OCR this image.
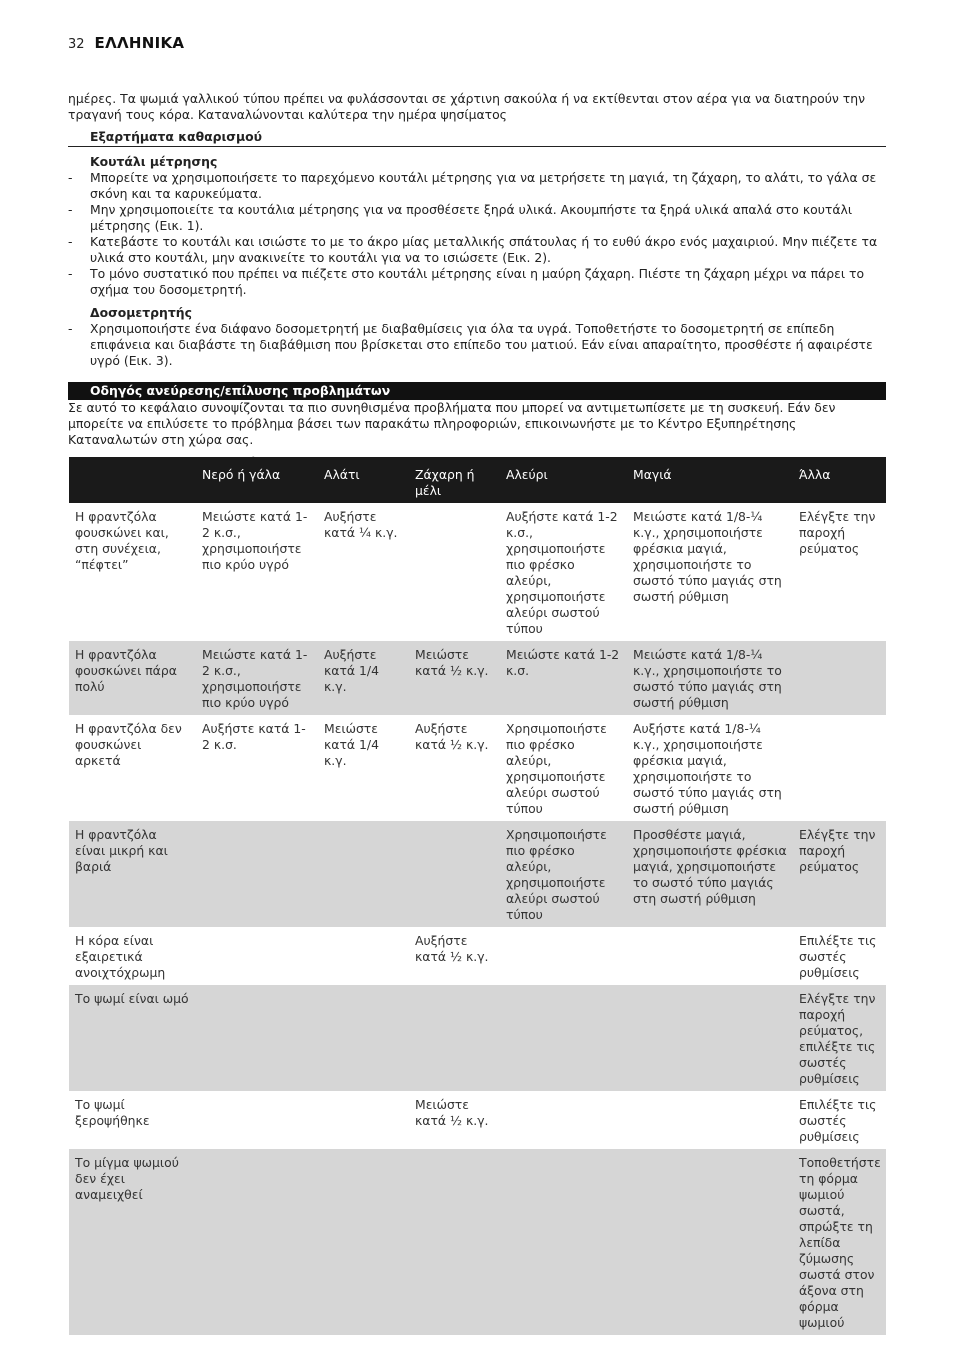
32 ΕΛΛΗΝΙΚΑ

ημέρες. Τα ψωμιά γαλλικού τύπου πρέπει να φυλάσσονται σε χάρτινη σακούλα ή να εκτίθενται στον αέρα για να διατηρούν την τραγανή τους κόρα. Καταναλώνονται καλύτερα την ημέρα ψησίματος

Εξαρτήματα καθαρισμού
Κουτάλι μέτρησης
- Μπορείτε να χρησιμοποιήσετε το παρεχόμενο κουτάλι μέτρησης για να μετρήσετε τη μαγιά, τη ζάχαρη, το αλάτι, το γάλα σε σκόνη και τα καρυκεύματα.
- Μην χρησιμοποιείτε τα κουτάλια μέτρησης για να προσθέσετε ξηρά υλικά. Ακουμπήστε τα ξηρά υλικά απαλά στο κουτάλι μέτρησης (Εικ. 1).
- Κατεβάστε το κουτάλι και ισιώστε το με το άκρο μίας μεταλλικής σπάτουλας ή το ευθύ άκρο ενός μαχαιριού. Μην πιέζετε τα υλικά στο κουτάλι, μην ανακινείτε το κουτάλι για να το ισιώσετε (Εικ. 2).
- Το μόνο συστατικό που πρέπει να πιέζετε στο κουτάλι μέτρησης είναι η μαύρη ζάχαρη. Πιέστε τη ζάχαρη μέχρι να πάρει το σχήμα του δοσομετρητή.
Δοσομετρητής
- Χρησιμοποιήστε ένα διάφανο δοσομετρητή με διαβαθμίσεις για όλα τα υγρά. Τοποθετήστε το δοσομετρητή σε επίπεδη επιφάνεια και διαβάστε τη διαβάθμιση που βρίσκεται στο επίπεδο του ματιού. Εάν είναι απαραίτητο, προσθέστε ή αφαιρέστε υγρό (Εικ. 3).
Οδηγός ανεύρεσης/επίλυσης προβλημάτων

Σε αυτό το κεφάλαιο συνοψίζονται τα πιο συνηθισμένα προβλήματα που μπορεί να αντιμετωπίσετε με τη συσκευή. Εάν δεν μπορείτε να επιλύσετε το πρόβλημα βάσει των παρακάτω πληροφοριών, επικοινωνήστε με το Κέντρο Εξυπηρέτησης Καταναλωτών στη χώρα σας.

	Νερό ή γάλα	Αλάτι	Ζάχαρη ή μέλι	Αλεύρι	Μαγιά	Άλλα
Η φραντζόλα φουσκώνει και, στη συνέχεια, “πέφτει”	Μειώστε κατά 1-2 κ.σ., χρησιμοποιήστε πιο κρύο υγρό	Αυξήστε κατά ¼ κ.γ.		Αυξήστε κατά 1-2 κ.σ., χρησιμοποιήστε πιο φρέσκο αλεύρι, χρησιμοποιήστε αλεύρι σωστού τύπου	Μειώστε κατά 1/8-¼ κ.γ., χρησιμοποιήστε φρέσκια μαγιά, χρησιμοποιήστε το σωστό τύπο μαγιάς στη σωστή ρύθμιση	Ελέγξτε την παροχή ρεύματος
Η φραντζόλα φουσκώνει πάρα πολύ	Μειώστε κατά 1-2 κ.σ., χρησιμοποιήστε πιο κρύο υγρό	Αυξήστε κατά 1/4 κ.γ.	Μειώστε κατά ½ κ.γ.	Μειώστε κατά 1-2 κ.σ.	Μειώστε κατά 1/8-¼ κ.γ., χρησιμοποιήστε το σωστό τύπο μαγιάς στη σωστή ρύθμιση	
Η φραντζόλα δεν φουσκώνει αρκετά	Αυξήστε κατά 1-2 κ.σ.	Μειώστε κατά 1/4 κ.γ.	Αυξήστε κατά ½ κ.γ.	Χρησιμοποιήστε πιο φρέσκο αλεύρι, χρησιμοποιήστε αλεύρι σωστού τύπου	Αυξήστε κατά 1/8-¼ κ.γ., χρησιμοποιήστε φρέσκια μαγιά, χρησιμοποιήστε το σωστό τύπο μαγιάς στη σωστή ρύθμιση	
Η φραντζόλα είναι μικρή και βαριά				Χρησιμοποιήστε πιο φρέσκο αλεύρι, χρησιμοποιήστε αλεύρι σωστού τύπου	Προσθέστε μαγιά, χρησιμοποιήστε φρέσκια μαγιά, χρησιμοποιήστε το σωστό τύπο μαγιάς στη σωστή ρύθμιση	Ελέγξτε την παροχή ρεύματος
Η κόρα είναι εξαιρετικά ανοιχτόχρωμη			Αυξήστε κατά ½ κ.γ.			Επιλέξτε τις σωστές ρυθμίσεις
Το ψωμί είναι ωμό						Ελέγξτε την παροχή ρεύματος, επιλέξτε τις σωστές ρυθμίσεις
Το ψωμί ξεροψήθηκε			Μειώστε κατά ½ κ.γ.			Επιλέξτε τις σωστές ρυθμίσεις
Το μίγμα ψωμιού δεν έχει αναμειχθεί						Τοποθετήστε τη φόρμα ψωμιού σωστά, σπρώξτε τη λεπίδα ζύμωσης σωστά στον άξονα στη φόρμα ψωμιού
